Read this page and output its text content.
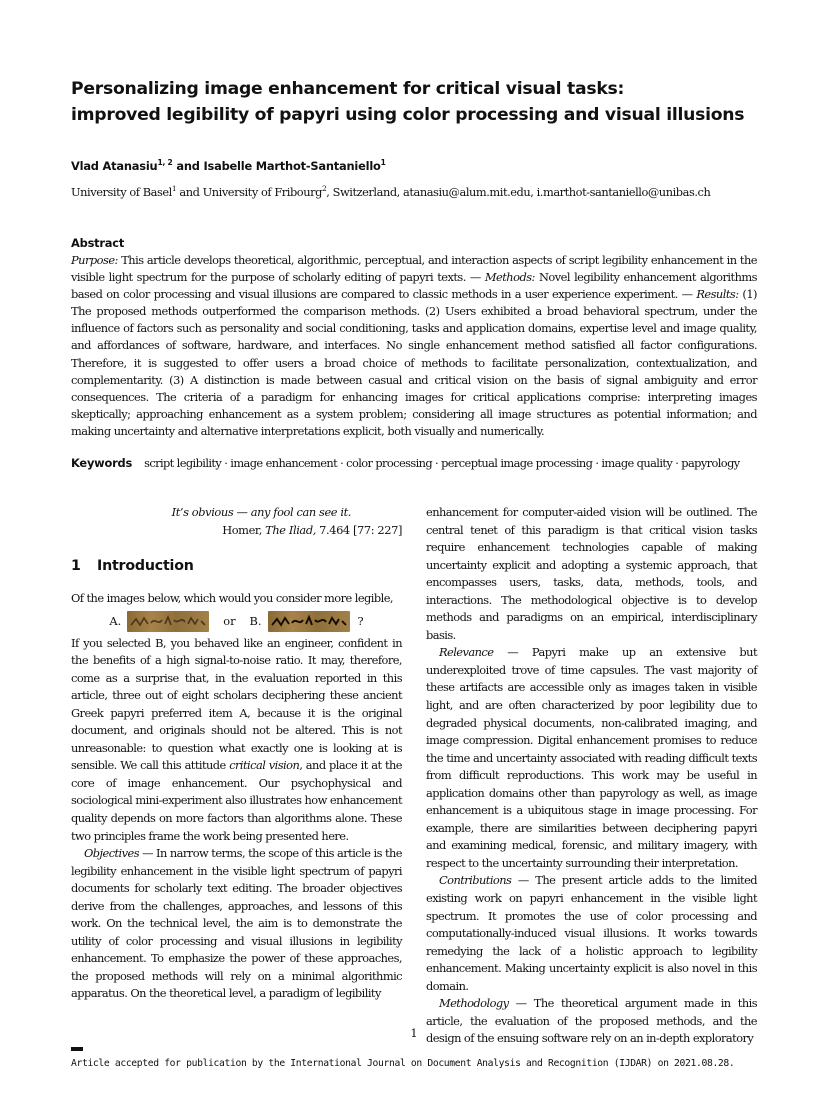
Personalizing image enhancement for critical visual tasks:
improved legibility of papyri using color processing and visual illusions
Vlad Atanasiu$^{1, 2}$ and Isabelle Marthot-Santaniello$^1$
University of Basel$^1$ and University of Fribourg$^2$, Switzerland, atanasiu@alum.mit.edu, i.marthot-santaniello@unibas.ch
Abstract
Purpose: This article develops theoretical, algorithmic, perceptual, and interaction aspects of script legibility enhancement in the visible light spectrum for the purpose of scholarly editing of papyri texts. — Methods: Novel legibility enhancement algorithms based on color processing and visual illusions are compared to classic methods in a user experience experiment. — Results: (1) The proposed methods outperformed the comparison methods. (2) Users exhibited a broad behavioral spectrum, under the influence of factors such as personality and social conditioning, tasks and application domains, expertise level and image quality, and affordances of software, hardware, and interfaces. No single enhancement method satisfied all factor configurations. Therefore, it is suggested to offer users a broad choice of methods to facilitate personalization, contextualization, and complementarity. (3) A distinction is made between casual and critical vision on the basis of signal ambiguity and error consequences. The criteria of a paradigm for enhancing images for critical applications comprise: interpreting images skeptically; approaching enhancement as a system problem; considering all image structures as potential information; and making uncertainty and alternative interpretations explicit, both visually and numerically.
Keywords script legibility · image enhancement · color processing · perceptual image processing · image quality · papyrology
It’s obvious — any fool can see it.
Homer, The Iliad, 7.464 [77: 227]
1 Introduction

Of the images below, which would you consider more legible,

A.	or B.	?

If you selected B, you behaved like an engineer, confident in the benefits of a high signal-to-noise ratio. It may, therefore, come as a surprise that, in the evaluation reported in this article, three out of eight scholars deciphering these ancient Greek papyri preferred item A, because it is the original document, and originals should not be altered. This is not unreasonable: to question what exactly one is looking at is sensible. We call this attitude critical vision, and place it at the core of image enhancement. Our psychophysical and sociological mini-experiment also illustrates how enhancement quality depends on more factors than algorithms alone. These two principles frame the work being presented here.

Objectives — In narrow terms, the scope of this article is the legibility enhancement in the visible light spectrum of papyri documents for scholarly text editing. The broader objectives derive from the challenges, approaches, and lessons of this work. On the technical level, the aim is to demonstrate the utility of color processing and visual illusions in legibility enhancement. To emphasize the power of these approaches, the proposed methods will rely on a minimal algorithmic apparatus. On the theoretical level, a paradigm of legibility

enhancement for computer-aided vision will be outlined. The central tenet of this paradigm is that critical vision tasks require enhancement technologies capable of making uncertainty explicit and adopting a systemic approach, that encompasses users, tasks, data, methods, tools, and interactions. The methodological objective is to develop methods and paradigms on an empirical, interdisciplinary basis.

Relevance — Papyri make up an extensive but underexploited trove of time capsules. The vast majority of these artifacts are accessible only as images taken in visible light, and are often characterized by poor legibility due to degraded physical documents, non-calibrated imaging, and image compression. Digital enhancement promises to reduce the time and uncertainty associated with reading difficult texts from difficult reproductions. This work may be useful in application domains other than papyrology as well, as image enhancement is a ubiquitous stage in image processing. For example, there are similarities between deciphering papyri and examining medical, forensic, and military imagery, with respect to the uncertainty surrounding their interpretation.

Contributions — The present article adds to the limited existing work on papyri enhancement in the visible light spectrum. It promotes the use of color processing and computationally-induced visual illusions. It works towards remedying the lack of a holistic approach to legibility enhancement. Making uncertainty explicit is also novel in this domain.

Methodology — The theoretical argument made in this article, the evaluation of the proposed methods, and the design of the ensuing software rely on an in-depth exploratory

1
Article accepted for publication by the International Journal on Document Analysis and Recognition (IJDAR) on 2021.08.28.
